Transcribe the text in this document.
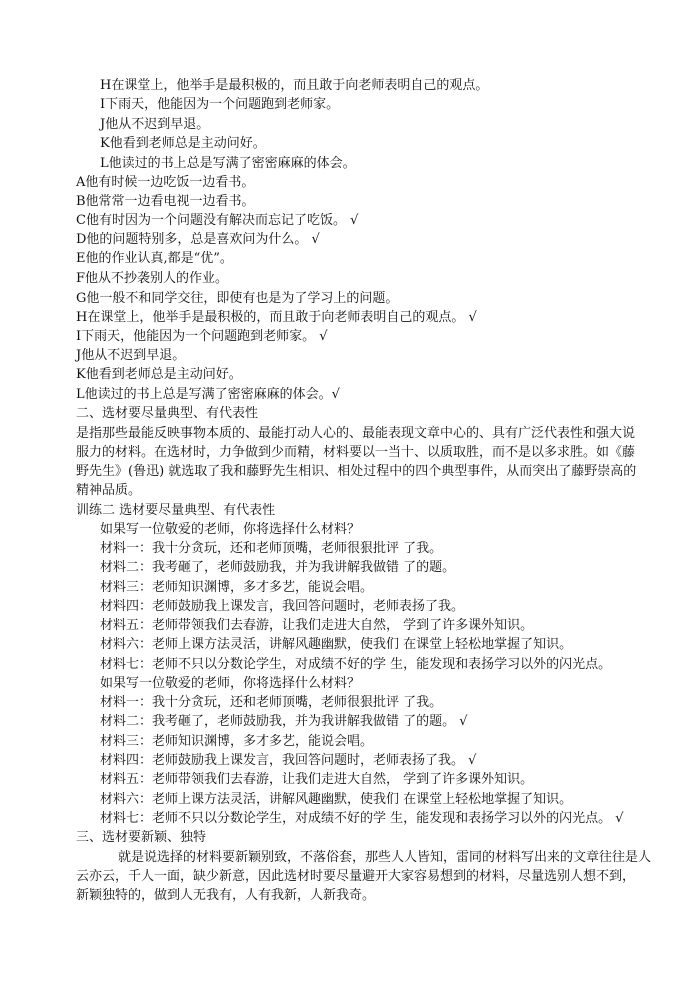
H在课堂上，他举手是最积极的，而且敢于向老师表明自己的观点。
I下雨天，他能因为一个问题跑到老师家。
J他从不迟到早退。
K他看到老师总是主动问好。
L他读过的书上总是写满了密密麻麻的体会。
A他有时候一边吃饭一边看书。
B他常常一边看电视一边看书。
C他有时因为一个问题没有解决而忘记了吃饭。 √
D他的问题特别多，总是喜欢问为什么。 √
E他的作业认真,都是“优”。
F他从不抄袭别人的作业。
G他一般不和同学交往，即使有也是为了学习上的问题。
H在课堂上，他举手是最积极的，而且敢于向老师表明自己的观点。 √
I下雨天，他能因为一个问题跑到老师家。 √
J他从不迟到早退。
K他看到老师总是主动问好。
L他读过的书上总是写满了密密麻麻的体会。√
二、选材要尽量典型、有代表性
是指那些最能反映事物本质的、最能打动人心的、最能表现文章中心的、具有广泛代表性和强大说
服力的材料。在选材时，力争做到少而精，材料要以一当十、以质取胜，而不是以多求胜。如《藤
野先生》(鲁迅) 就选取了我和藤野先生相识、相处过程中的四个典型事件，从而突出了藤野崇高的
精神品质。
训练二 选材要尽量典型、有代表性
如果写一位敬爱的老师，你将选择什么材料？
材料一：我十分贪玩，还和老师顶嘴，老师很狠批评 了我。
材料二：我考砸了，老师鼓励我，并为我讲解我做错 了的题。
材料三：老师知识渊博，多才多艺，能说会唱。
材料四：老师鼓励我上课发言，我回答问题时，老师表扬了我。
材料五：老师带领我们去春游，让我们走进大自然， 学到了许多课外知识。
材料六：老师上课方法灵活，讲解风趣幽默，使我们 在课堂上轻松地掌握了知识。
材料七：老师不只以分数论学生，对成绩不好的学 生，能发现和表扬学习以外的闪光点。
如果写一位敬爱的老师，你将选择什么材料？
材料一：我十分贪玩，还和老师顶嘴，老师很狠批评 了我。
材料二：我考砸了，老师鼓励我，并为我讲解我做错 了的题。 √
材料三：老师知识渊博，多才多艺，能说会唱。
材料四：老师鼓励我上课发言，我回答问题时，老师表扬了我。 √
材料五：老师带领我们去春游，让我们走进大自然， 学到了许多课外知识。
材料六：老师上课方法灵活，讲解风趣幽默，使我们 在课堂上轻松地掌握了知识。
材料七：老师不只以分数论学生，对成绩不好的学 生，能发现和表扬学习以外的闪光点。 √
三、选材要新颖、独特
就是说选择的材料要新颖别致，不落俗套，那些人人皆知，雷同的材料写出来的文章往往是人
云亦云，千人一面，缺少新意，因此选材时要尽量避开大家容易想到的材料，尽量选别人想不到，
新颖独特的，做到人无我有，人有我新，人新我奇。
